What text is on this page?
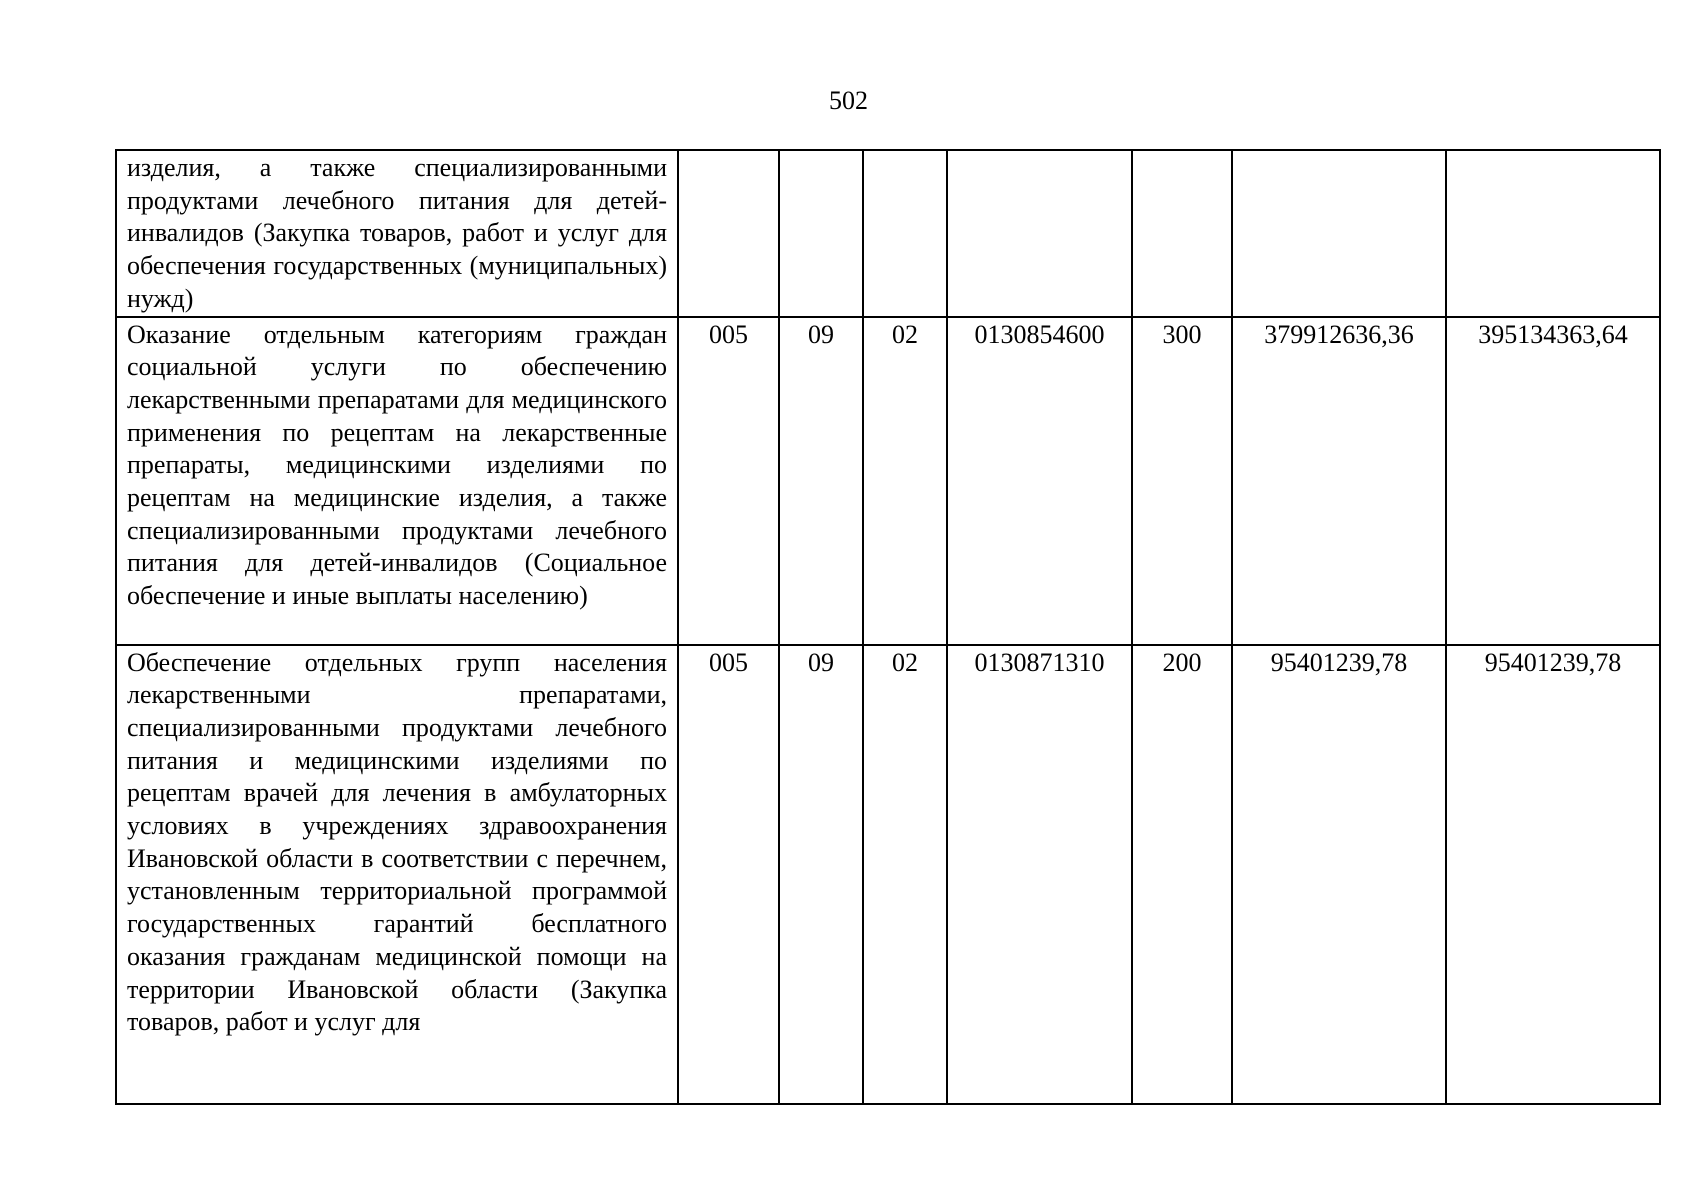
502
изделия, а также специализированными продуктами лечебного питания для детей-инвалидов (Закупка товаров, работ и услуг для обеспечения государственных (муниципальных) нужд)							

Оказание отдельным категориям граждан социальной услуги по обеспечению лекарственными препаратами для медицинского применения по рецептам на лекарственные препараты, медицинскими изделиями по рецептам на медицинские изделия, а также специализированными продуктами лечебного питания для детей-инвалидов (Социальное обеспечение и иные выплаты населению)	005	09	02	0130854600	300	379912636,36	395134363,64

Обеспечение отдельных групп населения лекарственными препаратами, специализированными продуктами лечебного питания и медицинскими изделиями по рецептам врачей для лечения в амбулаторных условиях в учреждениях здравоохранения Ивановской области в соответствии с перечнем, установленным территориальной программой государственных гарантий бесплатного оказания гражданам медицинской помощи на территории Ивановской области (Закупка товаров, работ и услуг для	005	09	02	0130871310	200	95401239,78	95401239,78
